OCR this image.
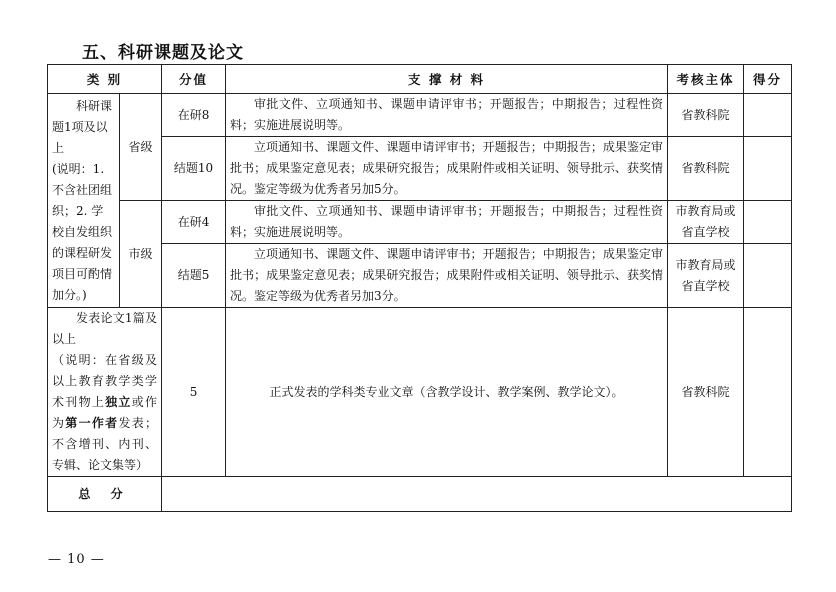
五、科研课题及论文
类 别		分值	支 撑 材 料	考核主体	得分

科研课题1项及以上
(说明：1. 不含社团组织；2. 学校自发组织的课程研发项目可酌情加分。)	省级	在研8	审批文件、立项通知书、课题申请评审书；开题报告；中期报告；过程性资料；实施进展说明等。	省教科院	
		结题10	立项通知书、课题文件、课题申请评审书；开题报告；中期报告；成果鉴定审批书；成果鉴定意见表；成果研究报告；成果附件或相关证明、领导批示、获奖情况。鉴定等级为优秀者另加5分。	省教科院	
	市级	在研4	审批文件、立项通知书、课题申请评审书；开题报告；中期报告；过程性资料；实施进展说明等。	市教育局或省直学校	
		结题5	立项通知书、课题文件、课题申请评审书；开题报告；中期报告；成果鉴定审批书；成果鉴定意见表；成果研究报告；成果附件或相关证明、领导批示、获奖情况。鉴定等级为优秀者另加3分。	市教育局或省直学校	

发表论文1篇及以上
（说明：在省级及以上教育教学类学术刊物上独立或作为第一作者发表；不含增刊、内刊、专辑、论文集等）		5	正式发表的学科类专业文章（含教学设计、教学案例、教学论文）。	省教科院	
总 分					
— 10 —
